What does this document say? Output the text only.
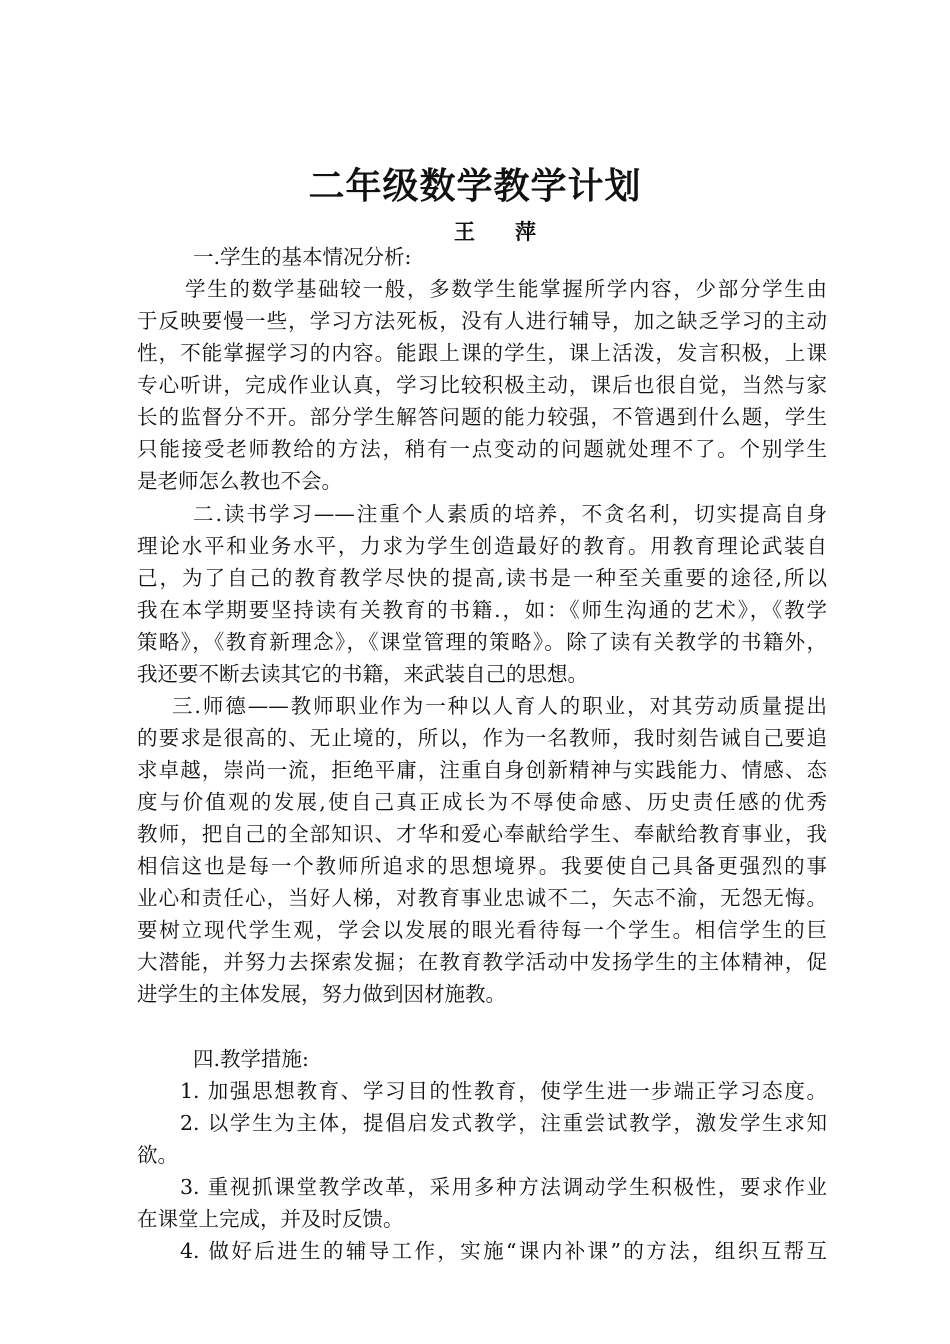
二年级数学教学计划
王萍
一.学生的基本情况分析:
学生的数学基础较一般，多数学生能掌握所学内容，少部分学生由
于反映要慢一些，学习方法死板，没有人进行辅导，加之缺乏学习的主动
性，不能掌握学习的内容。能跟上课的学生，课上活泼，发言积极，上课
专心听讲，完成作业认真，学习比较积极主动，课后也很自觉，当然与家
长的监督分不开。部分学生解答问题的能力较强，不管遇到什么题，学生
只能接受老师教给的方法，稍有一点变动的问题就处理不了。个别学生
是老师怎么教也不会。
二.读书学习——注重个人素质的培养，不贪名利，切实提高自身
理论水平和业务水平，力求为学生创造最好的教育。用教育理论武装自
己，为了自己的教育教学尽快的提高,读书是一种至关重要的途径,所以
我在本学期要坚持读有关教育的书籍.，如：《师生沟通的艺术》，《教学
策略》，《教育新理念》，《课堂管理的策略》。除了读有关教学的书籍外，
我还要不断去读其它的书籍，来武装自己的思想。
三.师德——教师职业作为一种以人育人的职业，对其劳动质量提出
的要求是很高的、无止境的，所以，作为一名教师，我时刻告诫自己要追
求卓越，崇尚一流，拒绝平庸，注重自身创新精神与实践能力、情感、态
度与价值观的发展,使自己真正成长为不辱使命感、历史责任感的优秀
教师，把自己的全部知识、才华和爱心奉献给学生、奉献给教育事业，我
相信这也是每一个教师所追求的思想境界。我要使自己具备更强烈的事
业心和责任心，当好人梯，对教育事业忠诚不二，矢志不渝，无怨无悔。
要树立现代学生观，学会以发展的眼光看待每一个学生。相信学生的巨
大潜能，并努力去探索发掘；在教育教学活动中发扬学生的主体精神，促
进学生的主体发展，努力做到因材施教。
四.教学措施:
1. 加强思想教育、学习目的性教育，使学生进一步端正学习态度。
2. 以学生为主体，提倡启发式教学，注重尝试教学，激发学生求知
欲。
3. 重视抓课堂教学改革，采用多种方法调动学生积极性，要求作业
在课堂上完成，并及时反馈。
4. 做好后进生的辅导工作，实施“课内补课”的方法，组织互帮互
